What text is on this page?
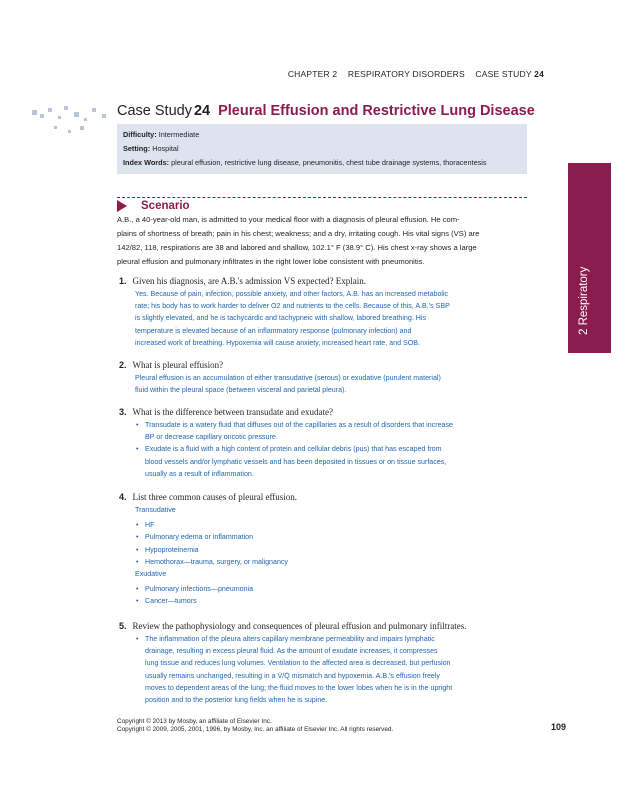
CHAPTER 2 RESPIRATORY DISORDERS CASE STUDY 24
Case Study 24 Pleural Effusion and Restrictive Lung Disease
Difficulty: Intermediate
Setting: Hospital
Index Words: pleural effusion, restrictive lung disease, pneumonitis, chest tube drainage systems, thoracentesis
2 Respiratory
Scenario
A.B., a 40-year-old man, is admitted to your medical floor with a diagnosis of pleural effusion. He com-
plains of shortness of breath; pain in his chest; weakness; and a dry, irritating cough. His vital signs (VS) are
142/82, 118, respirations are 38 and labored and shallow, 102.1° F (38.9° C). His chest x-ray shows a large
pleural effusion and pulmonary infiltrates in the right lower lobe consistent with pneumonitis.
1. Given his diagnosis, are A.B.'s admission VS expected? Explain.
Yes. Because of pain, infection, possible anxiety, and other factors, A.B. has an increased metabolic
rate; his body has to work harder to deliver O2 and nutrients to the cells. Because of this, A.B.'s SBP
is slightly elevated, and he is tachycardic and tachypneic with shallow, labored breathing. His
temperature is elevated because of an inflammatory response (pulmonary infection) and
increased work of breathing. Hypoxemia will cause anxiety, increased heart rate, and SOB.
2. What is pleural effusion?
Pleural effusion is an accumulation of either transudative (serous) or exudative (purulent material)
fluid within the pleural space (between visceral and parietal pleura).
3. What is the difference between transudate and exudate?
• Transudate is a watery fluid that diffuses out of the capillaries as a result of disorders that increase
BP or decrease capillary oncotic pressure.
• Exudate is a fluid with a high content of protein and cellular debris (pus) that has escaped from
blood vessels and/or lymphatic vessels and has been deposited in tissues or on tissue surfaces,
usually as a result of inflammation.
4. List three common causes of pleural effusion.
Transudative
• HF
• Pulmonary edema or inflammation
• Hypoproteinemia
• Hemothorax—trauma, surgery, or malignancy
Exudative
• Pulmonary infections—pneumonia
• Cancer—tumors
5. Review the pathophysiology and consequences of pleural effusion and pulmonary infiltrates.
• The inflammation of the pleura alters capillary membrane permeability and impairs lymphatic
drainage, resulting in excess pleural fluid. As the amount of exudate increases, it compresses
lung tissue and reduces lung volumes. Ventilation to the affected area is decreased, but perfusion
usually remains unchanged, resulting in a V̇/Q̇ mismatch and hypoxemia. A.B.'s effusion freely
moves to dependent areas of the lung; the fluid moves to the lower lobes when he is in the upright
position and to the posterior lung fields when he is supine.
Copyright © 2013 by Mosby, an affiliate of Elsevier Inc.
Copyright © 2009, 2005, 2001, 1996, by Mosby, Inc. an affiliate of Elsevier Inc. All rights reserved.	109
